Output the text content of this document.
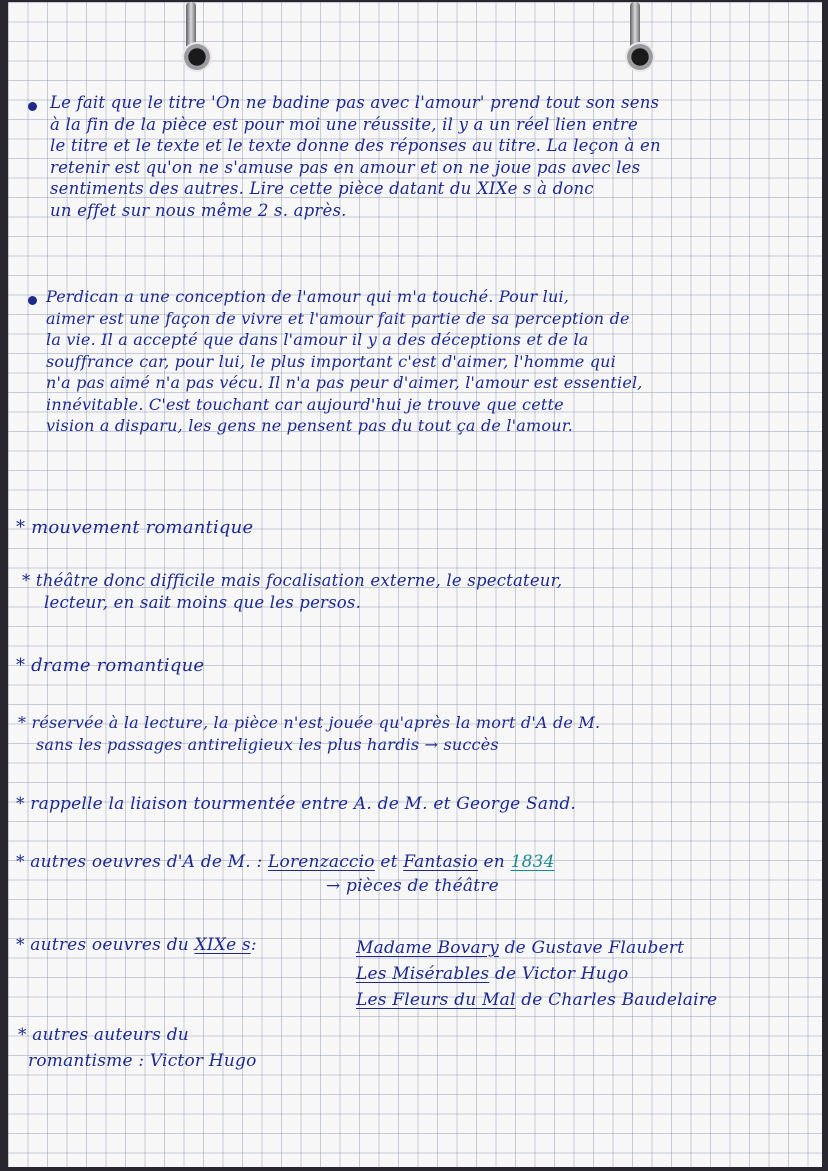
Le fait que le titre 'On ne badine pas avec l'amour' prend tout son sens

à la fin de la pièce est pour moi une réussite, il y a un réel lien entre

le titre et le texte et le texte donne des réponses au titre. La leçon à en

retenir est qu'on ne s'amuse pas en amour et on ne joue pas avec les

sentiments des autres. Lire cette pièce datant du XIXe s à donc

un effet sur nous même 2 s. après.

Perdican a une conception de l'amour qui m'a touché. Pour lui,

aimer est une façon de vivre et l'amour fait partie de sa perception de

la vie. Il a accepté que dans l'amour il y a des déceptions et de la

souffrance car, pour lui, le plus important c'est d'aimer, l'homme qui

n'a pas aimé n'a pas vécu. Il n'a pas peur d'aimer, l'amour est essentiel,

innévitable. C'est touchant car aujourd'hui je trouve que cette

vision a disparu, les gens ne pensent pas du tout ça de l'amour.

* mouvement romantique

* théâtre donc difficile mais focalisation externe, le spectateur,

lecteur, en sait moins que les persos.

* drame romantique

* réservée à la lecture, la pièce n'est jouée qu'après la mort d'A de M.

sans les passages antireligieux les plus hardis → succès

* rappelle la liaison tourmentée entre A. de M. et George Sand.
* autres oeuvres d'A de M. : Lorenzaccio et Fantasio en 1834
→ pièces de théâtre
* autres oeuvres du XIXe s:	Madame Bovary de Gustave Flaubert

Les Misérables de Victor Hugo

Les Fleurs du Mal de Charles Baudelaire

* autres auteurs du

romantisme : Victor Hugo
